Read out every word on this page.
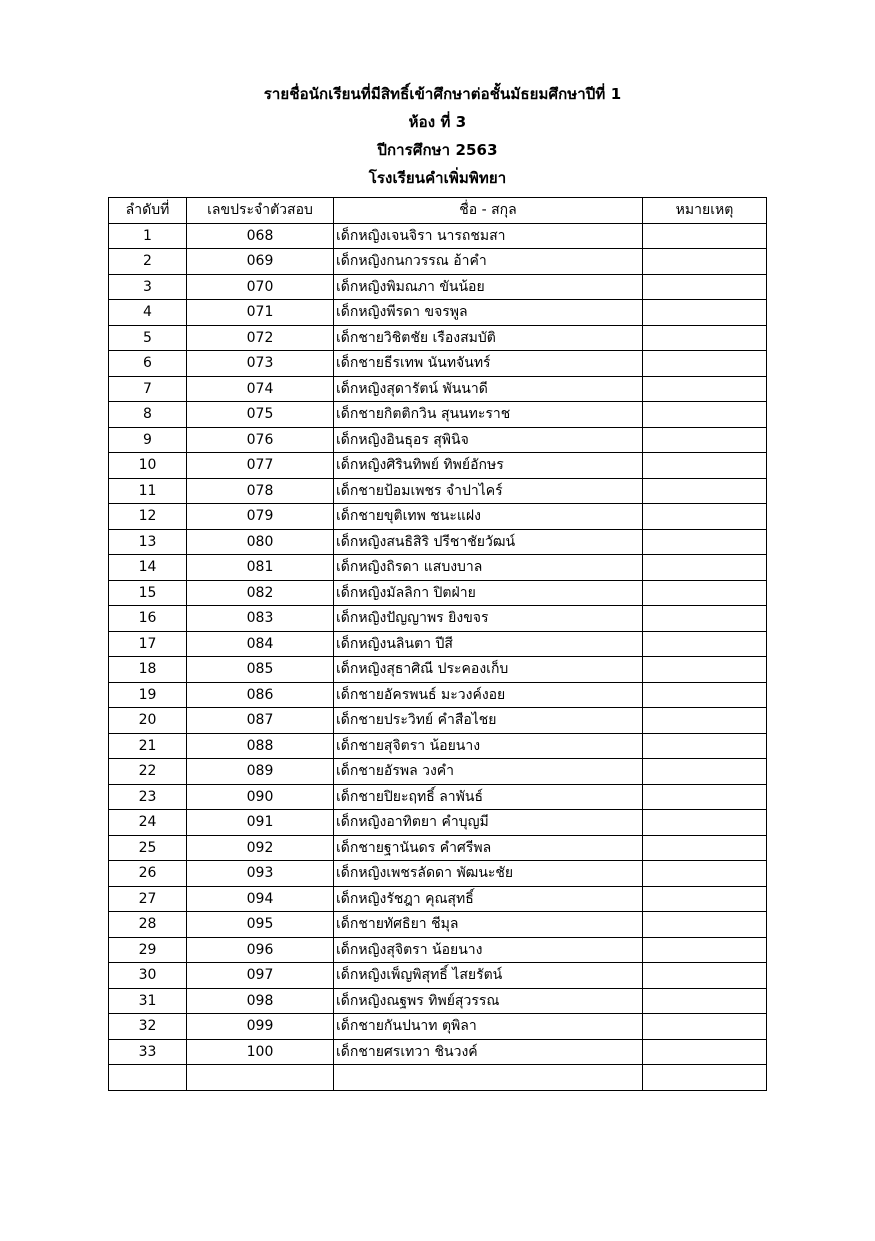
รายชื่อนักเรียนที่มีสิทธิ์เข้าศึกษาต่อชั้นมัธยมศึกษาปีที่ 1
ห้อง ที่ 3
ปีการศึกษา 2563
โรงเรียนคำเพิ่มพิทยา
ลำดับที่	เลขประจำตัวสอบ	ชื่อ - สกุล	หมายเหตุ
1	068	เด็กหญิงเจนจิรา นารถชมสา	
2	069	เด็กหญิงกนกวรรณ อ้าคำ	
3	070	เด็กหญิงพิมณภา ขันน้อย	
4	071	เด็กหญิงพีรดา ขจรพูล	
5	072	เด็กชายวิชิตชัย เรืองสมบัติ	
6	073	เด็กชายธีรเทพ นันทจันทร์	
7	074	เด็กหญิงสุดารัตน์ พันนาดี	
8	075	เด็กชายกิตติกวิน สุนนทะราช	
9	076	เด็กหญิงอินธุอร สุพินิจ	
10	077	เด็กหญิงศิรินทิพย์ ทิพย์อักษร	
11	078	เด็กชายป้อมเพชร จำปาไคร์	
12	079	เด็กชายขุติเทพ ชนะแฝง	
13	080	เด็กหญิงสนธิสิริ ปรีชาชัยวัฒน์	
14	081	เด็กหญิงถิรดา แสบงบาล	
15	082	เด็กหญิงมัลลิกา ปิตฝ่าย	
16	083	เด็กหญิงปัญญาพร ยิงขจร	
17	084	เด็กหญิงนลินตา ปีสี	
18	085	เด็กหญิงสุธาศิณี ประคองเก็บ	
19	086	เด็กชายอัครพนธ์ มะวงค์งอย	
20	087	เด็กชายประวิทย์ คำสือไชย	
21	088	เด็กชายสุจิตรา น้อยนาง	
22	089	เด็กชายอัรพล วงคำ	
23	090	เด็กชายปิยะฤทธิ์ ลาพันธ์	
24	091	เด็กหญิงอาทิตยา คำบุญมี	
25	092	เด็กชายฐานันดร คำศรีพล	
26	093	เด็กหญิงเพชรลัดดา พัฒนะชัย	
27	094	เด็กหญิงรัชฎา คุณสุทธิ์	
28	095	เด็กชายทัศธิยา ชีมุล	
29	096	เด็กหญิงสุจิตรา น้อยนาง	
30	097	เด็กหญิงเพ็ญพิสุทธิ์ ไสยรัตน์	
31	098	เด็กหญิงณฐพร ทิพย์สุวรรณ	
32	099	เด็กชายกันปนาท ตุพิลา	
33	100	เด็กชายศรเทวา ชินวงค์	
